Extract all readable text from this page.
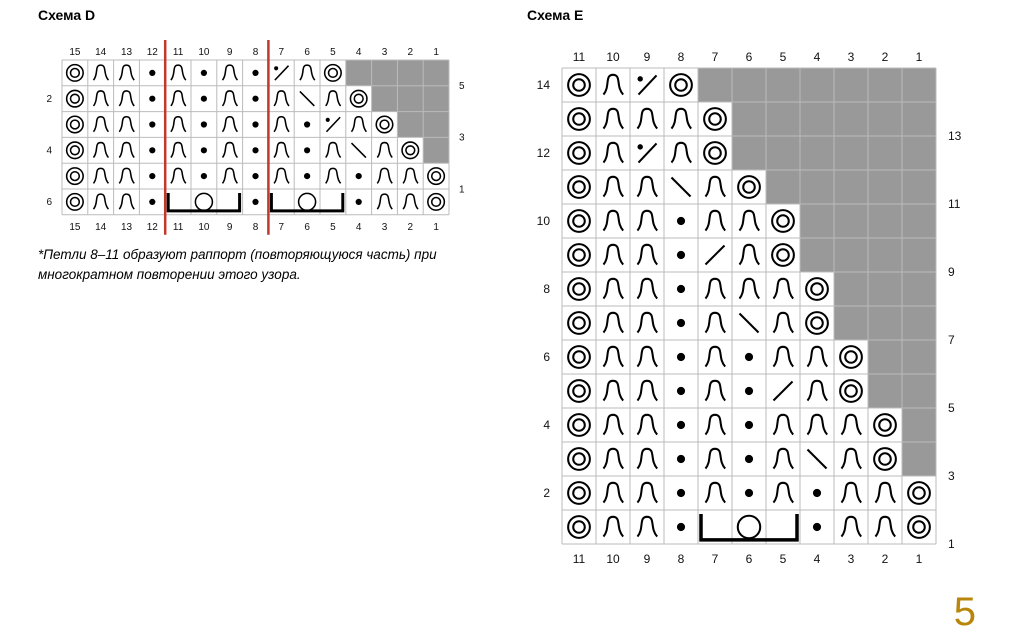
Схема D	Схема E
15
15
14
14
13
13
12
12
11
11
10
10
9
9
8
8
7
7
6
6
5
5
4
4
3
3
2
2
1
1
2
4
6
5
3
1
11
11
10
10
9
9
8
8
7
7
6
6
5
5
4
4
3
3
2
2
1
1
14
12
10
8
6
4
2
13
11
9
7
5
3
1
*Петли 8–11 образуют раппорт (повторяющуюся часть) при многократном повторении этого узора.
5
